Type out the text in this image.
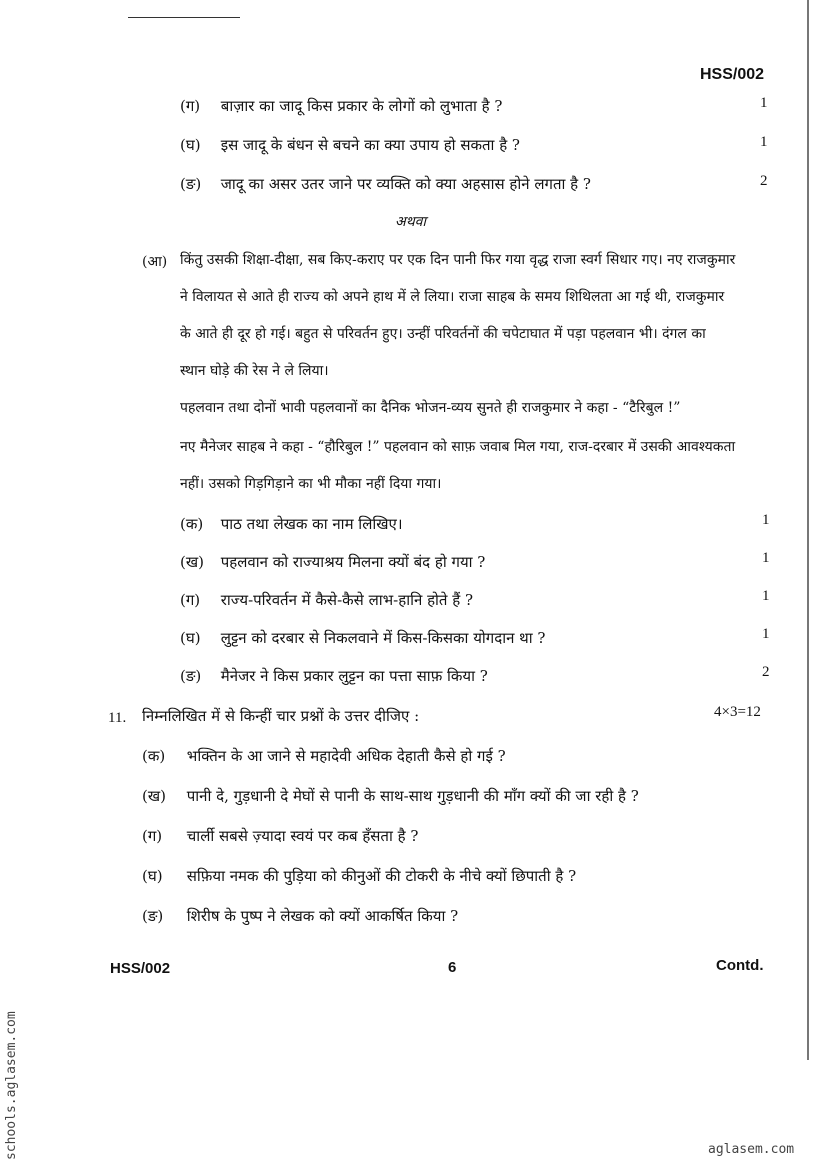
HSS/002
(ग) बाज़ार का जादू किस प्रकार के लोगों को लुभाता है ?	1
(घ) इस जादू के बंधन से बचने का क्या उपाय हो सकता है ?	1
(ङ) जादू का असर उतर जाने पर व्यक्ति को क्या अहसास होने लगता है ?	2
अथवा
(आ) किंतु उसकी शिक्षा-दीक्षा, सब किए-कराए पर एक दिन पानी फिर गया वृद्ध राजा स्वर्ग सिधार गए। नए राजकुमार
ने विलायत से आते ही राज्य को अपने हाथ में ले लिया। राजा साहब के समय शिथिलता आ गई थी, राजकुमार
के आते ही दूर हो गई। बहुत से परिवर्तन हुए। उन्हीं परिवर्तनों की चपेटाघात में पड़ा पहलवान भी। दंगल का
स्थान घोड़े की रेस ने ले लिया।
पहलवान तथा दोनों भावी पहलवानों का दैनिक भोजन-व्यय सुनते ही राजकुमार ने कहा - “टैरिबुल !”
नए मैनेजर साहब ने कहा - “हौरिबुल !” पहलवान को साफ़ जवाब मिल गया, राज-दरबार में उसकी आवश्यकता
नहीं। उसको गिड़गिड़ाने का भी मौका नहीं दिया गया।
(क) पाठ तथा लेखक का नाम लिखिए।	1
(ख) पहलवान को राज्याश्रय मिलना क्यों बंद हो गया ?	1
(ग) राज्य-परिवर्तन में कैसे-कैसे लाभ-हानि होते हैं ?	1
(घ) लुट्टन को दरबार से निकलवाने में किस-किसका योगदान था ?	1
(ङ) मैनेजर ने किस प्रकार लुट्टन का पत्ता साफ़ किया ?	2
11. निम्नलिखित में से किन्हीं चार प्रश्नों के उत्तर दीजिए :	4×3=12
(क) भक्तिन के आ जाने से महादेवी अधिक देहाती कैसे हो गई ?
(ख) पानी दे, गुड़धानी दे मेघों से पानी के साथ-साथ गुड़धानी की माँग क्यों की जा रही है ?
(ग) चार्ली सबसे ज़्यादा स्वयं पर कब हँसता है ?
(घ) सफ़िया नमक की पुड़िया को कीनुओं की टोकरी के नीचे क्यों छिपाती है ?
(ङ) शिरीष के पुष्प ने लेखक को क्यों आकर्षित किया ?
HSS/002	6	Contd.
schools.aglasem.com	aglasem.com
